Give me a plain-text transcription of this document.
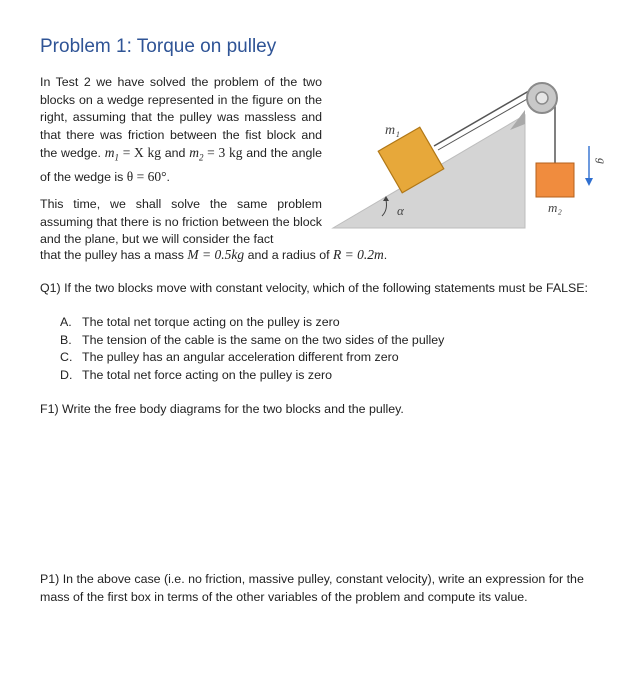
Problem 1: Torque on pulley

In Test 2 we have solved the problem of the two blocks on a wedge represented in the figure on the right, assuming that the pulley was massless and that there was friction between the fist block and the wedge. $m_1 = X$ kg and $m_2 = 3$ kg and the angle of the wedge is θ = 60°.

This time, we shall solve the same problem assuming that there is no friction between the block and the plane, but we will consider the fact

that the pulley has a mass M = 0.5kg and a radius of R = 0.2m.
m₁
m₂
α
g

Q1) If the two blocks move with constant velocity, which of the following statements must be FALSE:

A. The total net torque acting on the pulley is zero
B. The tension of the cable is the same on the two sides of the pulley
C. The pulley has an angular acceleration different from zero
D. The total net force acting on the pulley is zero

F1) Write the free body diagrams for the two blocks and the pulley.

P1) In the above case (i.e. no friction, massive pulley, constant velocity), write an expression for the mass of the first box in terms of the other variables of the problem and compute its value.
